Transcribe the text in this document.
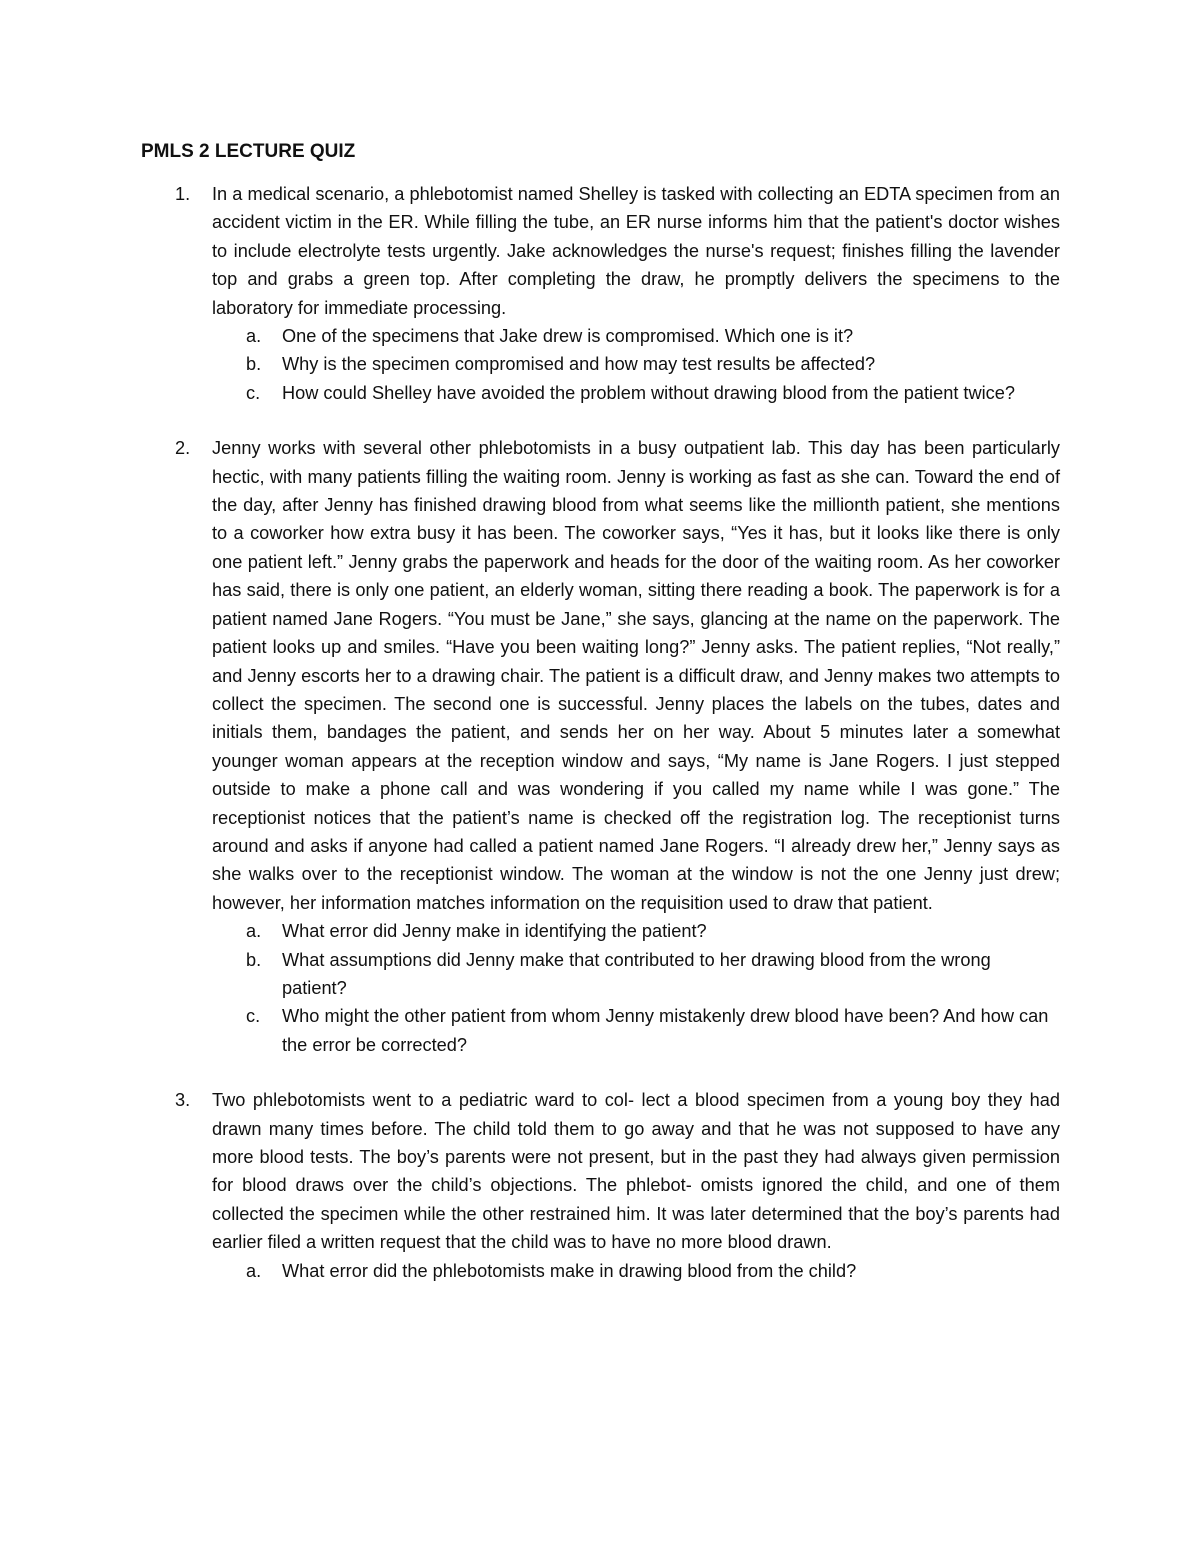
PMLS 2 LECTURE QUIZ
1. In a medical scenario, a phlebotomist named Shelley is tasked with collecting an EDTA specimen from an accident victim in the ER. While filling the tube, an ER nurse informs him that the patient's doctor wishes to include electrolyte tests urgently. Jake acknowledges the nurse's request; finishes filling the lavender top and grabs a green top. After completing the draw, he promptly delivers the specimens to the laboratory for immediate processing.

a. One of the specimens that Jake drew is compromised. Which one is it?
b. Why is the specimen compromised and how may test results be affected?
c. How could Shelley have avoided the problem without drawing blood from the patient twice?
2. Jenny works with several other phlebotomists in a busy outpatient lab. This day has been particularly hectic, with many patients filling the waiting room. Jenny is working as fast as she can. Toward the end of the day, after Jenny has finished drawing blood from what seems like the millionth patient, she mentions to a coworker how extra busy it has been. The coworker says, “Yes it has, but it looks like there is only one patient left.” Jenny grabs the paperwork and heads for the door of the waiting room. As her coworker has said, there is only one patient, an elderly woman, sitting there reading a book. The paperwork is for a patient named Jane Rogers. “You must be Jane,” she says, glancing at the name on the paperwork. The patient looks up and smiles. “Have you been waiting long?” Jenny asks. The patient replies, “Not really,” and Jenny escorts her to a drawing chair. The patient is a difficult draw, and Jenny makes two attempts to collect the specimen. The second one is successful. Jenny places the labels on the tubes, dates and initials them, bandages the patient, and sends her on her way. About 5 minutes later a somewhat younger woman appears at the reception window and says, “My name is Jane Rogers. I just stepped outside to make a phone call and was wondering if you called my name while I was gone.” The receptionist notices that the patient’s name is checked off the registration log. The receptionist turns around and asks if anyone had called a patient named Jane Rogers. “I already drew her,” Jenny says as she walks over to the receptionist window. The woman at the window is not the one Jenny just drew; however, her information matches information on the requisition used to draw that patient.

a. What error did Jenny make in identifying the patient?
b. What assumptions did Jenny make that contributed to her drawing blood from the wrong patient?
c. Who might the other patient from whom Jenny mistakenly drew blood have been? And how can the error be corrected?
3. Two phlebotomists went to a pediatric ward to col- lect a blood specimen from a young boy they had drawn many times before. The child told them to go away and that he was not supposed to have any more blood tests. The boy’s parents were not present, but in the past they had always given permission for blood draws over the child’s objections. The phlebot- omists ignored the child, and one of them collected the specimen while the other restrained him. It was later determined that the boy’s parents had earlier filed a written request that the child was to have no more blood drawn.

a. What error did the phlebotomists make in drawing blood from the child?
